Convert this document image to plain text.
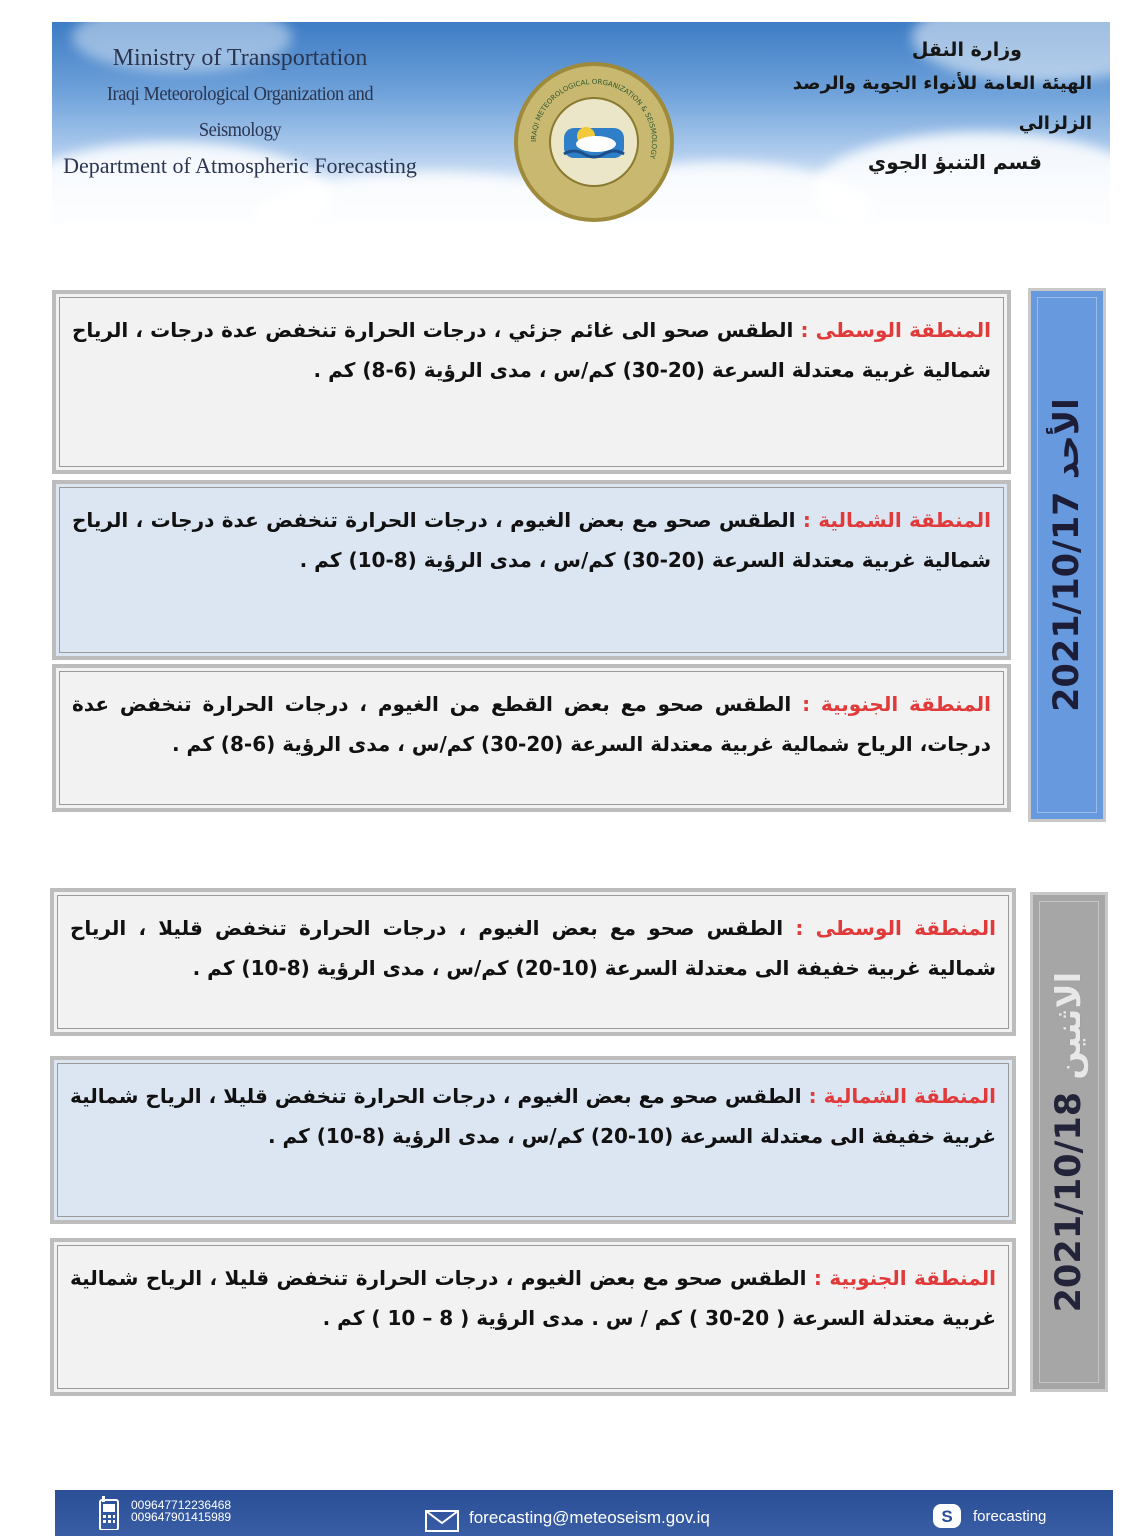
Ministry of Transportation
Iraqi Meteorological Organization and Seismology
Department of Atmospheric Forecasting
IRAQI METEOROLOGICAL ORGANIZATION & SEISMOLOGY
وزارة النقل
الهيئة العامة للأنواء الجوية والرصد الزلزالي
قسم التنبؤ الجوي
الأحد 2021/10/17
المنطقة الوسطى : الطقس صحو الى غائم جزئي ، درجات الحرارة تنخفض عدة درجات ، الرياح شمالية غربية معتدلة السرعة (20-30) كم/س ، مدى الرؤية (6-8) كم .
المنطقة الشمالية : الطقس صحو مع بعض الغيوم ، درجات الحرارة تنخفض عدة درجات ، الرياح شمالية غربية معتدلة السرعة (20-30) كم/س ، مدى الرؤية (8-10) كم .
المنطقة الجنوبية : الطقس صحو مع بعض القطع من الغيوم ، درجات الحرارة تنخفض عدة درجات، الرياح شمالية غربية معتدلة السرعة (20-30) كم/س ، مدى الرؤية (6-8) كم .
الاثنين 2021/10/18
المنطقة الوسطى : الطقس صحو مع بعض الغيوم ، درجات الحرارة تنخفض قليلا ، الرياح شمالية غربية خفيفة الى معتدلة السرعة (10-20) كم/س ، مدى الرؤية (8-10) كم .
المنطقة الشمالية : الطقس صحو مع بعض الغيوم ، درجات الحرارة تنخفض قليلا ، الرياح شمالية غربية خفيفة الى معتدلة السرعة (10-20) كم/س ، مدى الرؤية (8-10) كم .
المنطقة الجنوبية : الطقس صحو مع بعض الغيوم ، درجات الحرارة تنخفض قليلا ، الرياح شمالية غربية معتدلة السرعة ( 20-30 ) كم / س . مدى الرؤية ( 8 – 10 ) كم .
009647712236468
009647901415989	forecasting@meteoseism.gov.iq	S forecasting
